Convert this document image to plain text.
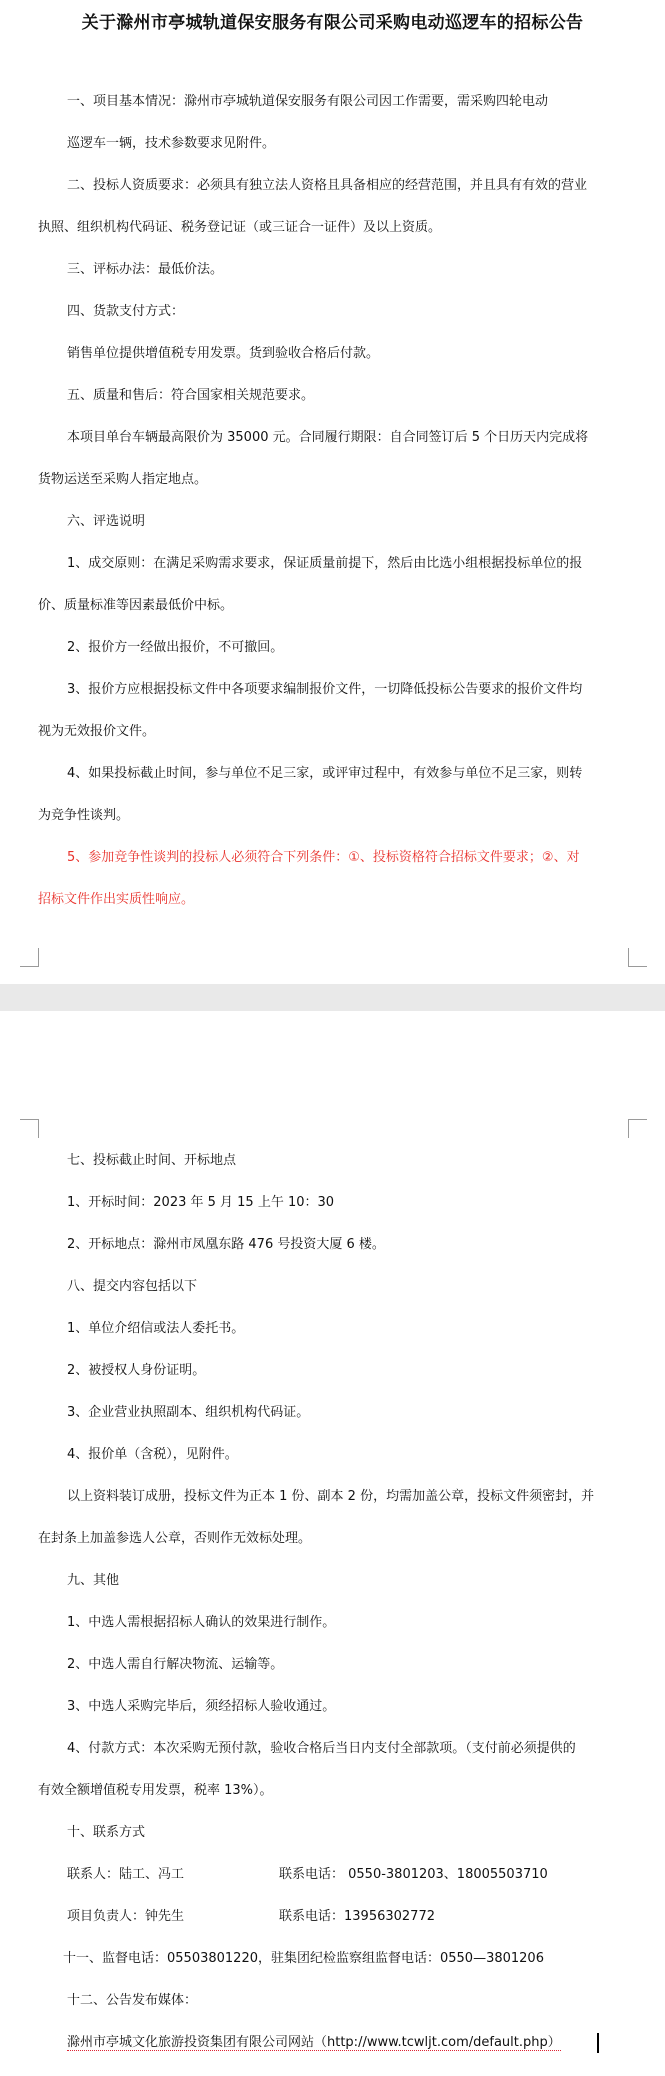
关于滁州市亭城轨道保安服务有限公司采购电动巡逻车的招标公告
一、项目基本情况：滁州市亭城轨道保安服务有限公司因工作需要，需采购四轮电动
巡逻车一辆，技术参数要求见附件。
二、投标人资质要求：必须具有独立法人资格且具备相应的经营范围，并且具有有效的营业
执照、组织机构代码证、税务登记证（或三证合一证件）及以上资质。
三、评标办法：最低价法。
四、货款支付方式：
销售单位提供增值税专用发票。货到验收合格后付款。
五、质量和售后：符合国家相关规范要求。
本项目单台车辆最高限价为 35000 元。合同履行期限：自合同签订后 5 个日历天内完成将
货物运送至采购人指定地点。
六、评选说明
1、成交原则：在满足采购需求要求，保证质量前提下，然后由比选小组根据投标单位的报
价、质量标准等因素最低价中标。
2、报价方一经做出报价，不可撤回。
3、报价方应根据投标文件中各项要求编制报价文件，一切降低投标公告要求的报价文件均
视为无效报价文件。
4、如果投标截止时间，参与单位不足三家，或评审过程中，有效参与单位不足三家，则转
为竞争性谈判。
5、参加竞争性谈判的投标人必须符合下列条件：①、投标资格符合招标文件要求；②、对
招标文件作出实质性响应。
七、投标截止时间、开标地点
1、开标时间：2023 年 5 月 15 上午 10：30
2、开标地点：滁州市凤凰东路 476 号投资大厦 6 楼。
八、提交内容包括以下
1、单位介绍信或法人委托书。
2、被授权人身份证明。
3、企业营业执照副本、组织机构代码证。
4、报价单（含税），见附件。
以上资料装订成册，投标文件为正本 1 份、副本 2 份，均需加盖公章，投标文件须密封，并
在封条上加盖参选人公章，否则作无效标处理。
九、其他
1、中选人需根据招标人确认的效果进行制作。
2、中选人需自行解决物流、运输等。
3、中选人采购完毕后，须经招标人验收通过。
4、付款方式：本次采购无预付款，验收合格后当日内支付全部款项。（支付前必须提供的
有效全额增值税专用发票，税率 13%）。
十、联系方式
联系人：陆工、冯工	联系电话： 0550-3801203、18005503710
项目负责人：钟先生	联系电话：13956302772
十一、监督电话：05503801220，驻集团纪检监察组监督电话：0550—3801206
十二、公告发布媒体：
滁州市亭城文化旅游投资集团有限公司网站（http://www.tcwljt.com/default.php）
